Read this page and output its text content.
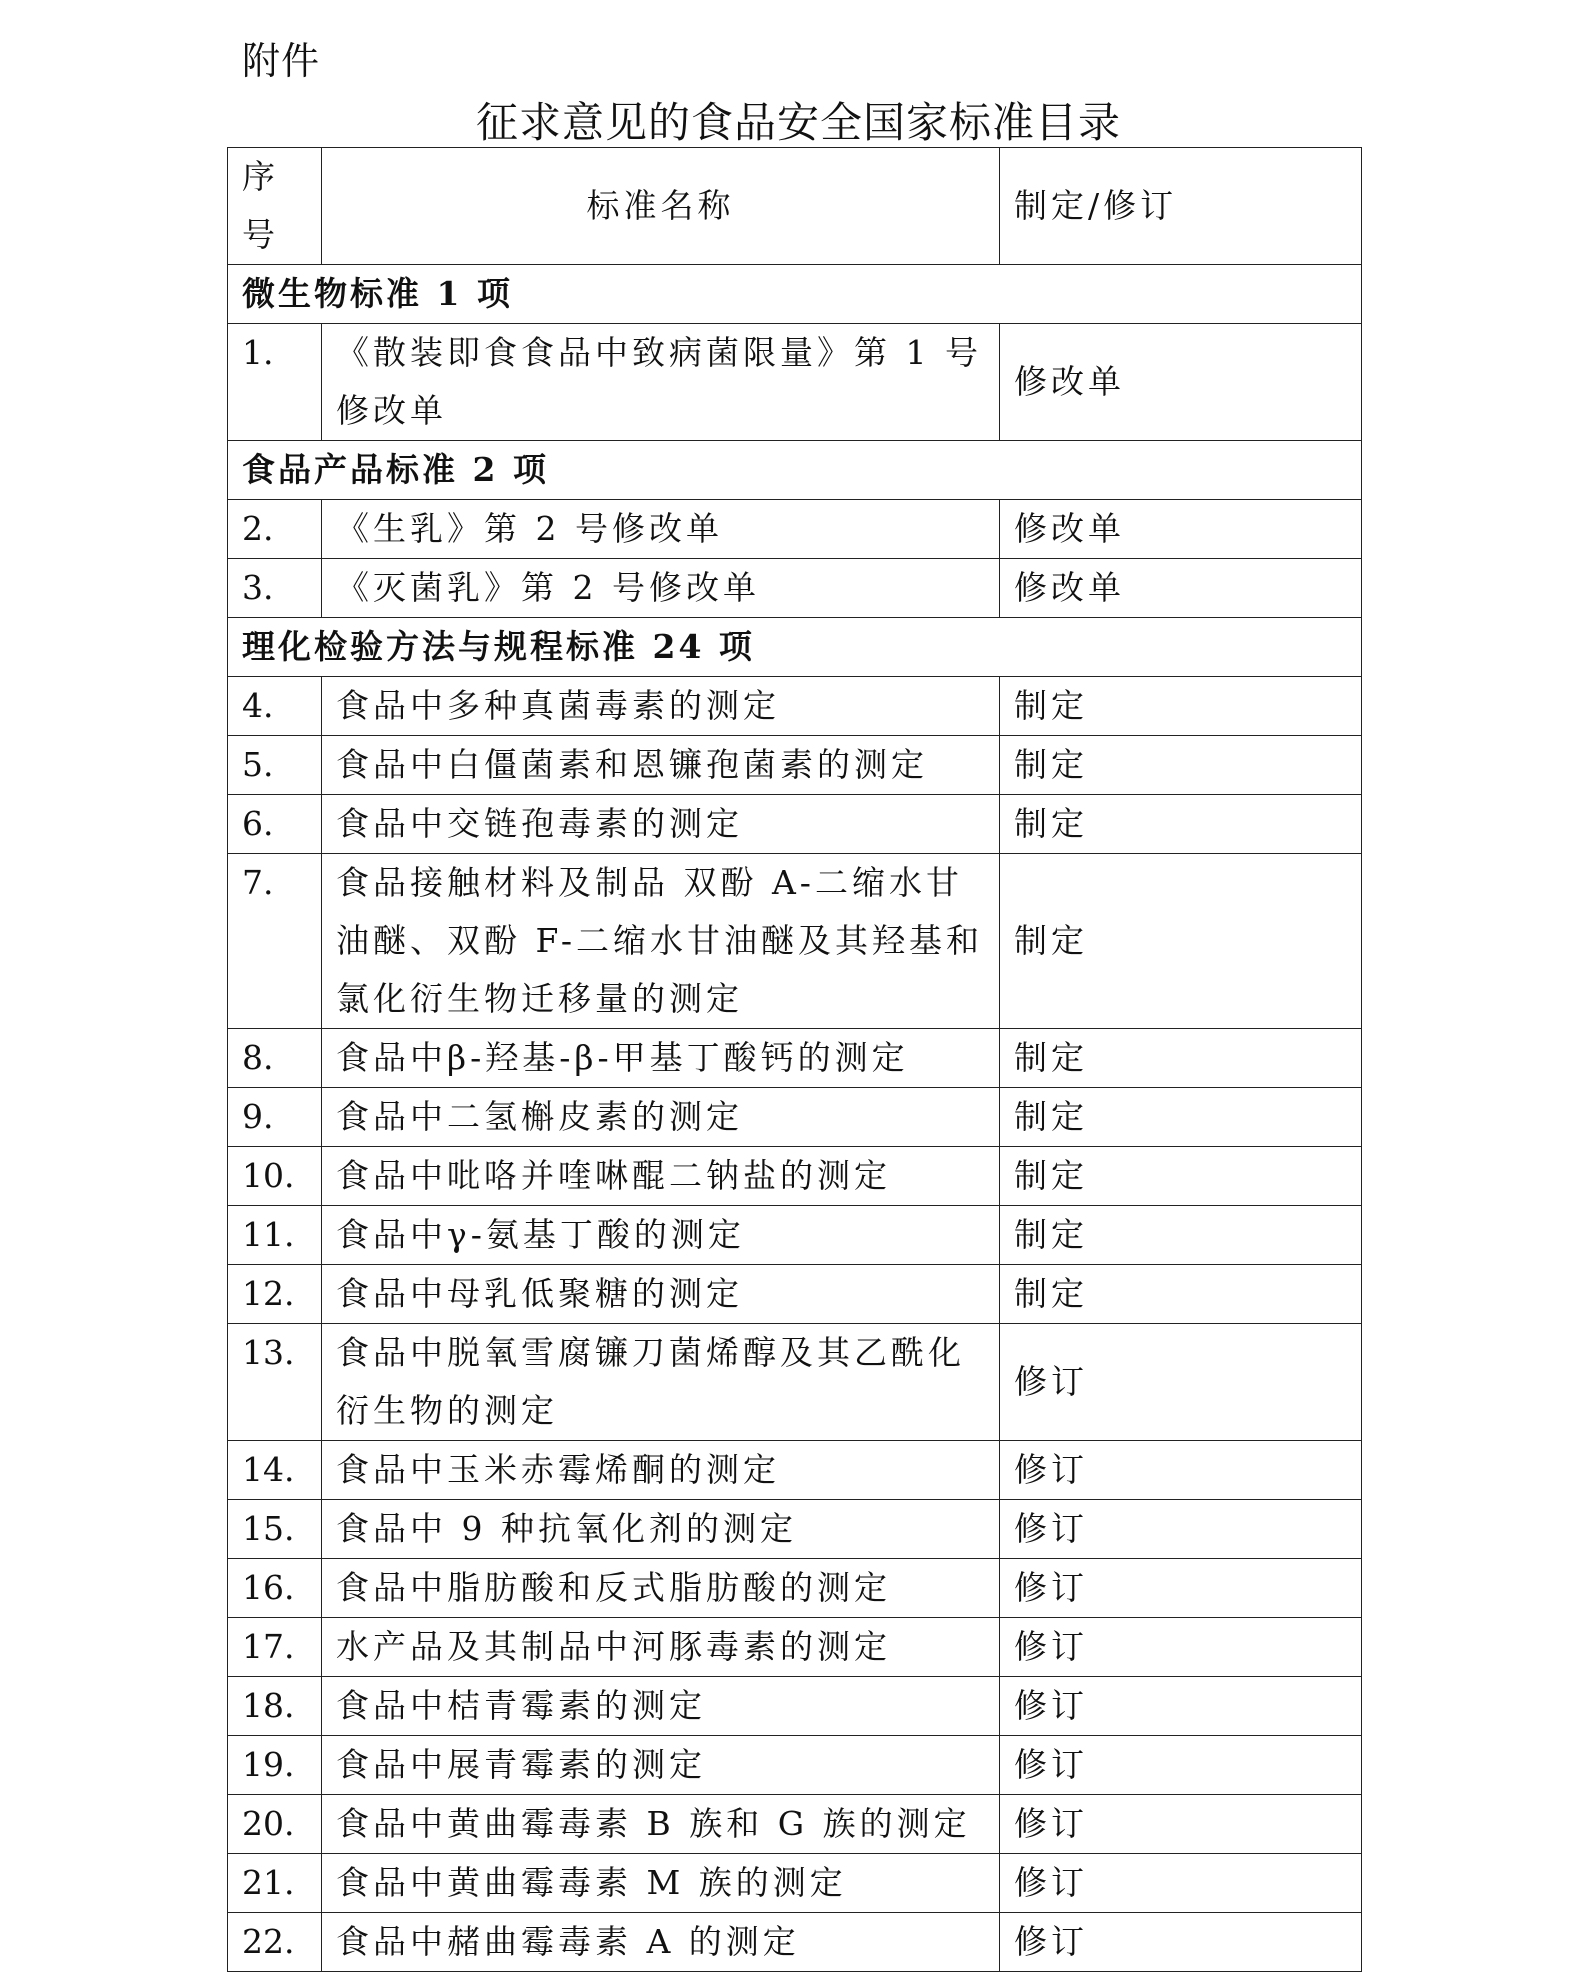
附件
征求意见的食品安全国家标准目录
序号	标准名称	制定/修订
微生物标准 1 项		
1.	《散装即食食品中致病菌限量》第 1 号修改单	修改单
食品产品标准 2 项		
2.	《生乳》第 2 号修改单	修改单
3.	《灭菌乳》第 2 号修改单	修改单
理化检验方法与规程标准 24 项		
4.	食品中多种真菌毒素的测定	制定
5.	食品中白僵菌素和恩镰孢菌素的测定	制定
6.	食品中交链孢毒素的测定	制定
7.	食品接触材料及制品 双酚 A-二缩水甘油醚、双酚 F-二缩水甘油醚及其羟基和氯化衍生物迁移量的测定	制定
8.	食品中β-羟基-β-甲基丁酸钙的测定	制定
9.	食品中二氢槲皮素的测定	制定
10.	食品中吡咯并喹啉醌二钠盐的测定	制定
11.	食品中γ-氨基丁酸的测定	制定
12.	食品中母乳低聚糖的测定	制定
13.	食品中脱氧雪腐镰刀菌烯醇及其乙酰化衍生物的测定	修订
14.	食品中玉米赤霉烯酮的测定	修订
15.	食品中 9 种抗氧化剂的测定	修订
16.	食品中脂肪酸和反式脂肪酸的测定	修订
17.	水产品及其制品中河豚毒素的测定	修订
18.	食品中桔青霉素的测定	修订
19.	食品中展青霉素的测定	修订
20.	食品中黄曲霉毒素 B 族和 G 族的测定	修订
21.	食品中黄曲霉毒素 M 族的测定	修订
22.	食品中赭曲霉毒素 A 的测定	修订
